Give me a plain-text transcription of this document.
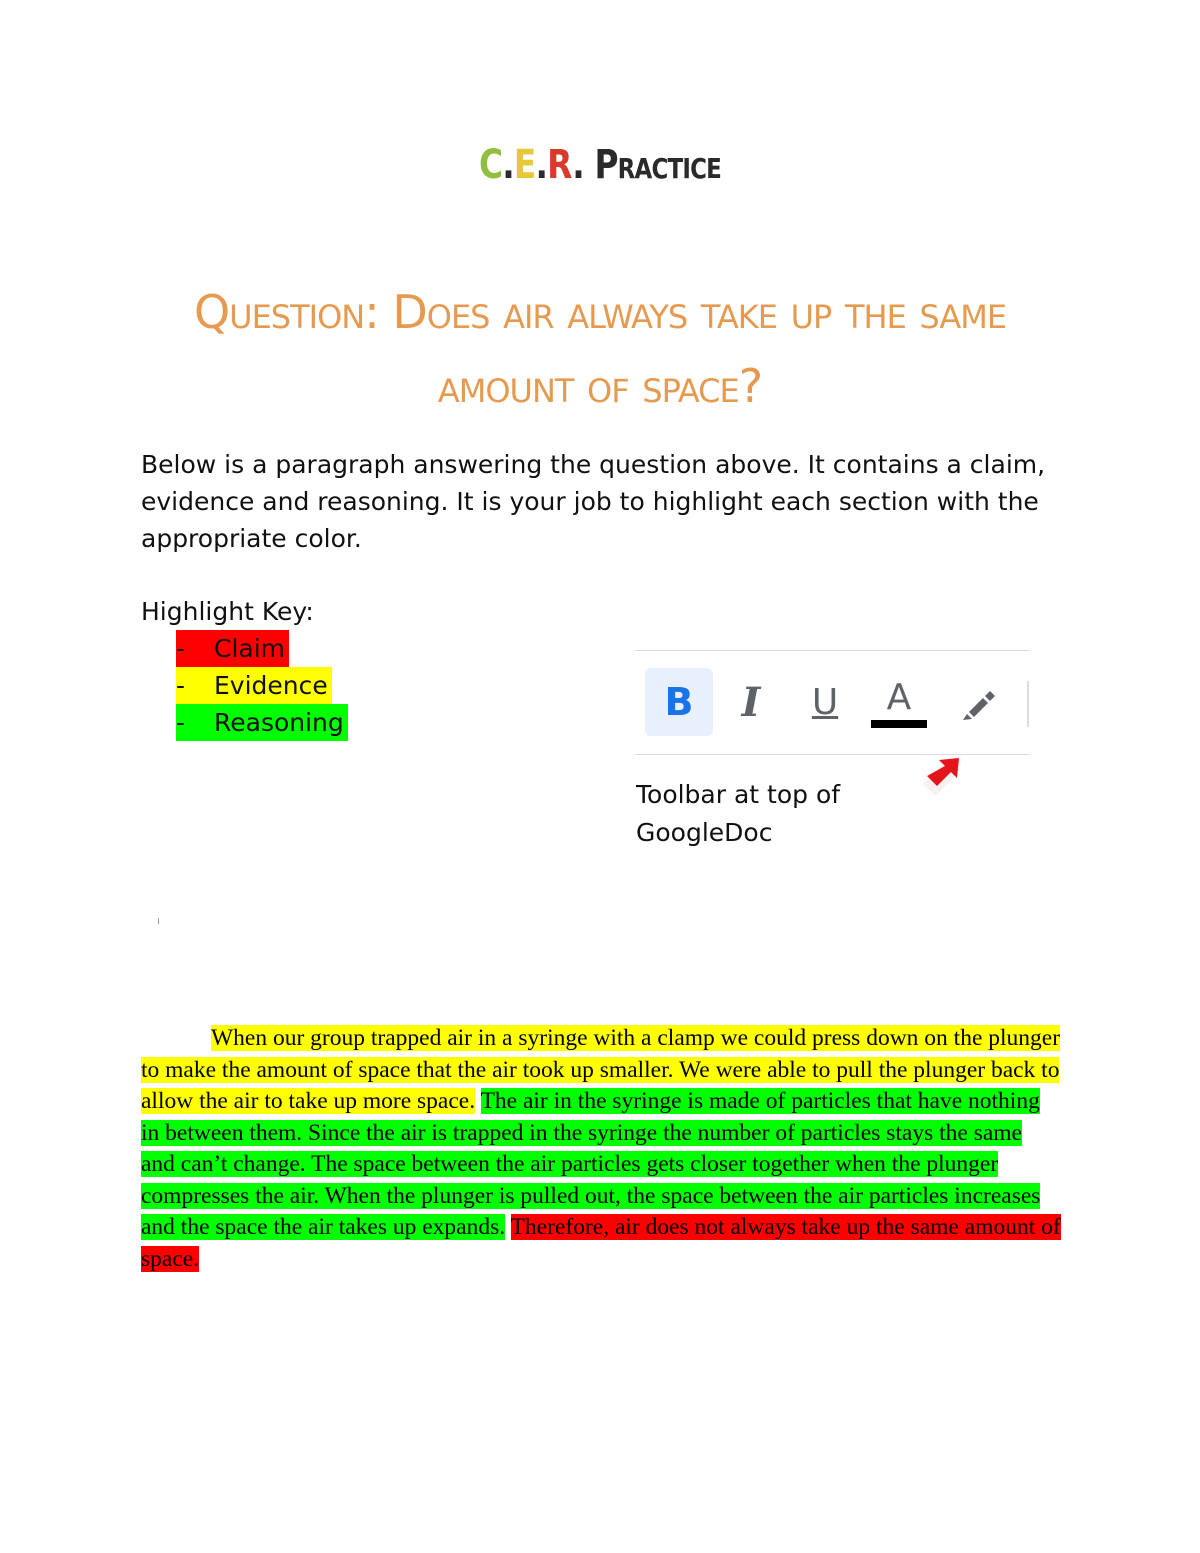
C.E.R. Practice
Question: Does air always take up the same amount of space?
Below is a paragraph answering the question above. It contains a claim, evidence and reasoning. It is your job to highlight each section with the appropriate color.
Highlight Key:
- Claim
- Evidence
- Reasoning	B	I	U	A
Toolbar at top of GoogleDoc
When our group trapped air in a syringe with a clamp we could press down on the plunger to make the amount of space that the air took up smaller. We were able to pull the plunger back to allow the air to take up more space. The air in the syringe is made of particles that have nothing in between them. Since the air is trapped in the syringe the number of particles stays the same and can’t change. The space between the air particles gets closer together when the plunger compresses the air. When the plunger is pulled out, the space between the air particles increases and the space the air takes up expands. Therefore, air does not always take up the same amount of space.
